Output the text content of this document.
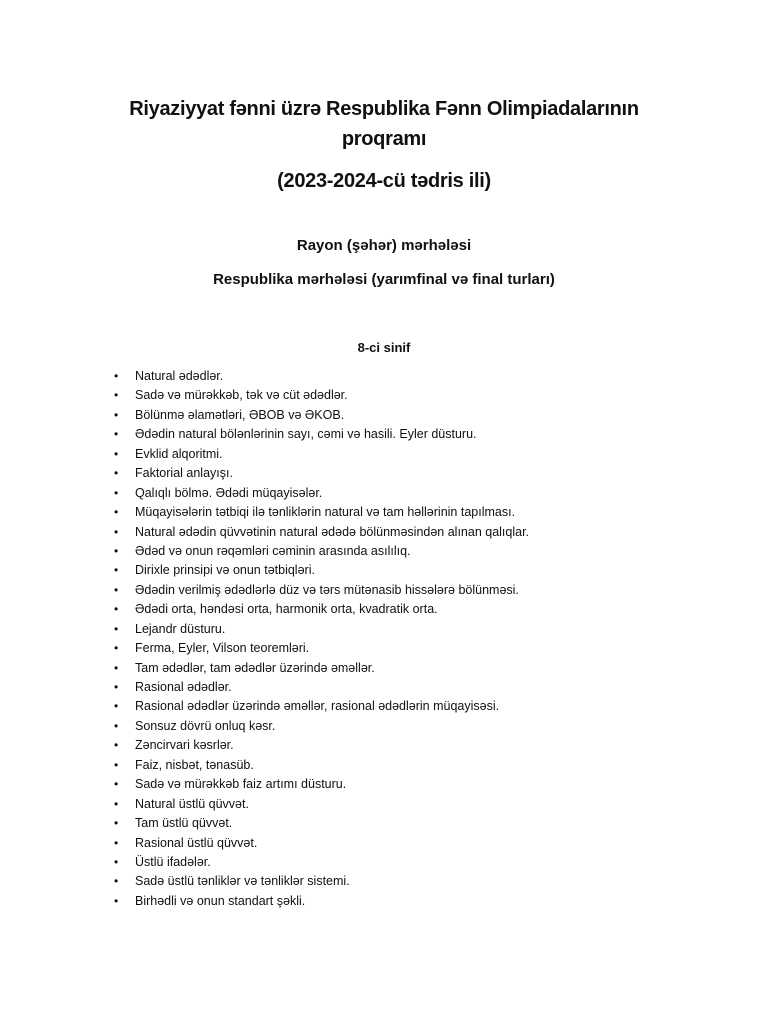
Riyaziyyat fənni üzrə Respublika Fənn Olimpiadalarının
proqramı
(2023-2024-cü tədris ili)
Rayon (şəhər) mərhələsi
Respublika mərhələsi (yarımfinal və final turları)
8-ci sinif
• Natural ədədlər.
• Sadə və mürəkkəb, tək və cüt ədədlər.
• Bölünmə əlamətləri, ƏBOB və ƏKOB.
• Ədədin natural bölənlərinin sayı, cəmi və hasili. Eyler düsturu.
• Evklid alqoritmi.
• Faktorial anlayışı.
• Qalıqlı bölmə. Ədədi müqayisələr.
• Müqayisələrin tətbiqi ilə tənliklərin natural və tam həllərinin tapılması.
• Natural ədədin qüvvətinin natural ədədə bölünməsindən alınan qalıqlar.
• Ədəd və onun rəqəmləri cəminin arasında asılılıq.
• Dirixle prinsipi və onun tətbiqləri.
• Ədədin verilmiş ədədlərlə düz və tərs mütənasib hissələrə bölünməsi.
• Ədədi orta, həndəsi orta, harmonik orta, kvadratik orta.
• Lejandr düsturu.
• Ferma, Eyler, Vilson teoremləri.
• Tam ədədlər, tam ədədlər üzərində əməllər.
• Rasional ədədlər.
• Rasional ədədlər üzərində əməllər, rasional ədədlərin müqayisəsi.
• Sonsuz dövrü onluq kəsr.
• Zəncirvari kəsrlər.
• Faiz, nisbət, tənasüb.
• Sadə və mürəkkəb faiz artımı düsturu.
• Natural üstlü qüvvət.
• Tam üstlü qüvvət.
• Rasional üstlü qüvvət.
• Üstlü ifadələr.
• Sadə üstlü tənliklər və tənliklər sistemi.
• Birhədli və onun standart şəkli.
